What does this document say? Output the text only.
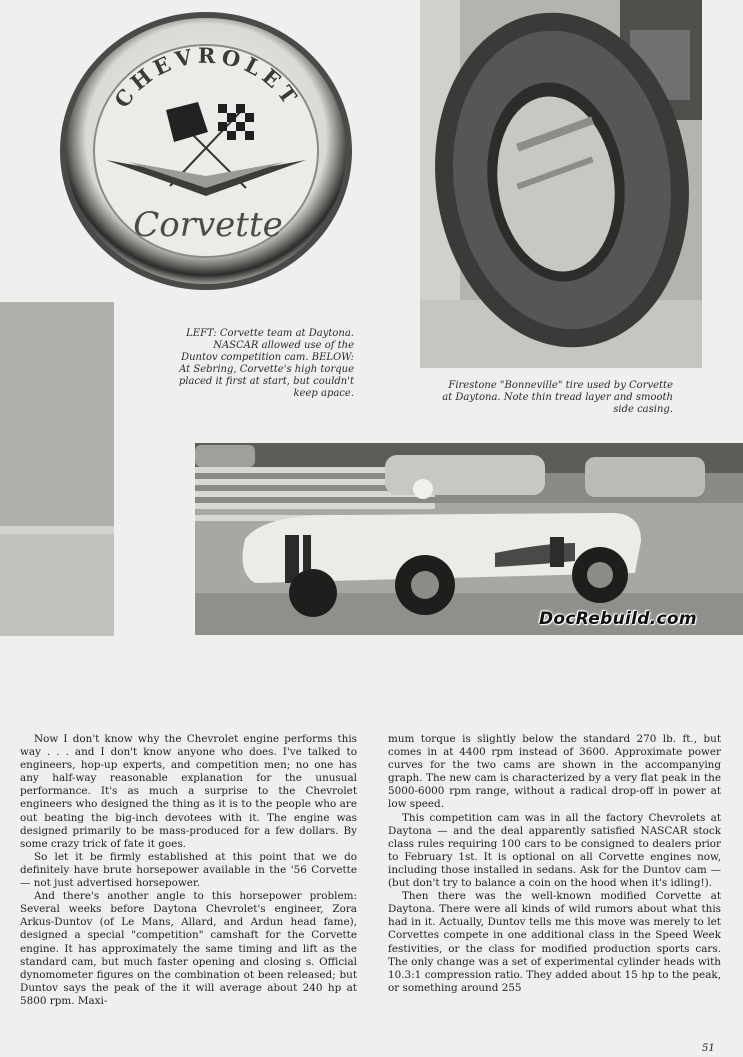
CHEVROLET
Corvette
LEFT: Corvette team at Daytona. NASCAR allowed use of the Duntov competition cam. BELOW: At Sebring, Corvette's high torque placed it first at start, but couldn't keep apace.
Firestone "Bonneville" tire used by Corvette at Daytona. Note thin tread layer and smooth side casing.
DocRebuild.com

Now I don't know why the Chevrolet engine performs this way . . . and I don't know anyone who does. I've talked to engineers, hop-up experts, and competition men; no one has any half-way reasonable explanation for the unusual performance. It's as much a surprise to the Chevrolet engineers who designed the thing as it is to the people who are out beating the big-inch devotees with it. The engine was designed primarily to be mass-produced for a few dollars. By some crazy trick of fate it goes.

So let it be firmly established at this point that we do definitely have brute horsepower available in the '56 Corvette — not just advertised horsepower.

And there's another angle to this horsepower problem: Several weeks before Daytona Chevrolet's engineer, Zora Arkus-Duntov (of Le Mans, Allard, and Ardun head fame), designed a special "competition" camshaft for the Corvette engine. It has approximately the same timing and lift as the standard cam, but much faster opening and closing s. Official dynomometer figures on the combination ot been released; but Duntov says the peak of the it will average about 240 hp at 5800 rpm. Maxi-

mum torque is slightly below the standard 270 lb. ft., but comes in at 4400 rpm instead of 3600. Approximate power curves for the two cams are shown in the accompanying graph. The new cam is characterized by a very flat peak in the 5000-6000 rpm range, without a radical drop-off in power at low speed.

This competition cam was in all the factory Chevrolets at Daytona — and the deal apparently satisfied NASCAR stock class rules requiring 100 cars to be consigned to dealers prior to February 1st. It is optional on all Corvette engines now, including those installed in sedans. Ask for the Duntov cam — (but don't try to balance a coin on the hood when it's idling!).

Then there was the well-known modified Corvette at Daytona. There were all kinds of wild rumors about what this had in it. Actually, Duntov tells me this move was merely to let Corvettes compete in one additional class in the Speed Week festivities, or the class for modified production sports cars. The only change was a set of experimental cylinder heads with 10.3:1 compression ratio. They added about 15 hp to the peak, or something around 255

51
